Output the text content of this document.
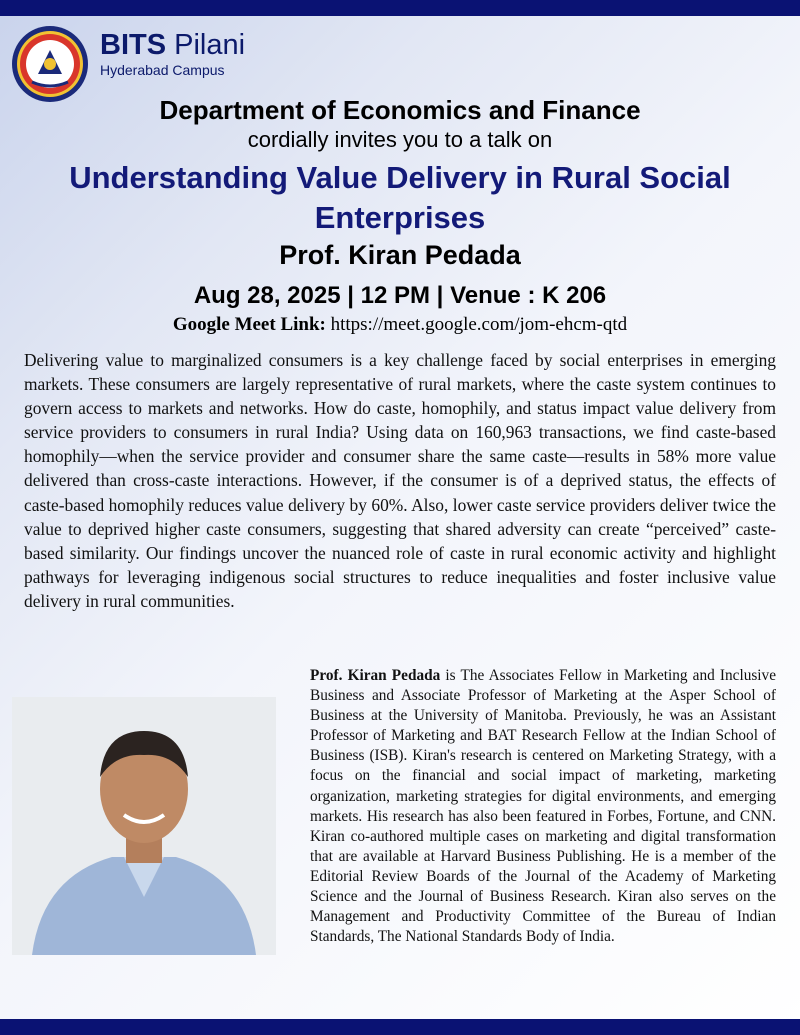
BITS Pilani
Hyderabad Campus
Department of Economics and Finance
cordially invites you to a talk on
Understanding Value Delivery in Rural Social Enterprises
Prof. Kiran Pedada
Aug 28, 2025 | 12 PM | Venue : K 206
Google Meet Link: https://meet.google.com/jom-ehcm-qtd
Delivering value to marginalized consumers is a key challenge faced by social enterprises in emerging markets. These consumers are largely representative of rural markets, where the caste system continues to govern access to markets and networks. How do caste, homophily, and status impact value delivery from service providers to consumers in rural India? Using data on 160,963 transactions, we find caste-based homophily—when the service provider and consumer share the same caste—results in 58% more value delivered than cross-caste interactions. However, if the consumer is of a deprived status, the effects of caste-based homophily reduces value delivery by 60%. Also, lower caste service providers deliver twice the value to deprived higher caste consumers, suggesting that shared adversity can create “perceived” caste-based similarity. Our findings uncover the nuanced role of caste in rural economic activity and highlight pathways for leveraging indigenous social structures to reduce inequalities and foster inclusive value delivery in rural communities.
Prof. Kiran Pedada is The Associates Fellow in Marketing and Inclusive Business and Associate Professor of Marketing at the Asper School of Business at the University of Manitoba. Previously, he was an Assistant Professor of Marketing and BAT Research Fellow at the Indian School of Business (ISB). Kiran's research is centered on Marketing Strategy, with a focus on the financial and social impact of marketing, marketing organization, marketing strategies for digital environments, and emerging markets. His research has also been featured in Forbes, Fortune, and CNN. Kiran co-authored multiple cases on marketing and digital transformation that are available at Harvard Business Publishing. He is a member of the Editorial Review Boards of the Journal of the Academy of Marketing Science and the Journal of Business Research. Kiran also serves on the Management and Productivity Committee of the Bureau of Indian Standards, The National Standards Body of India.
